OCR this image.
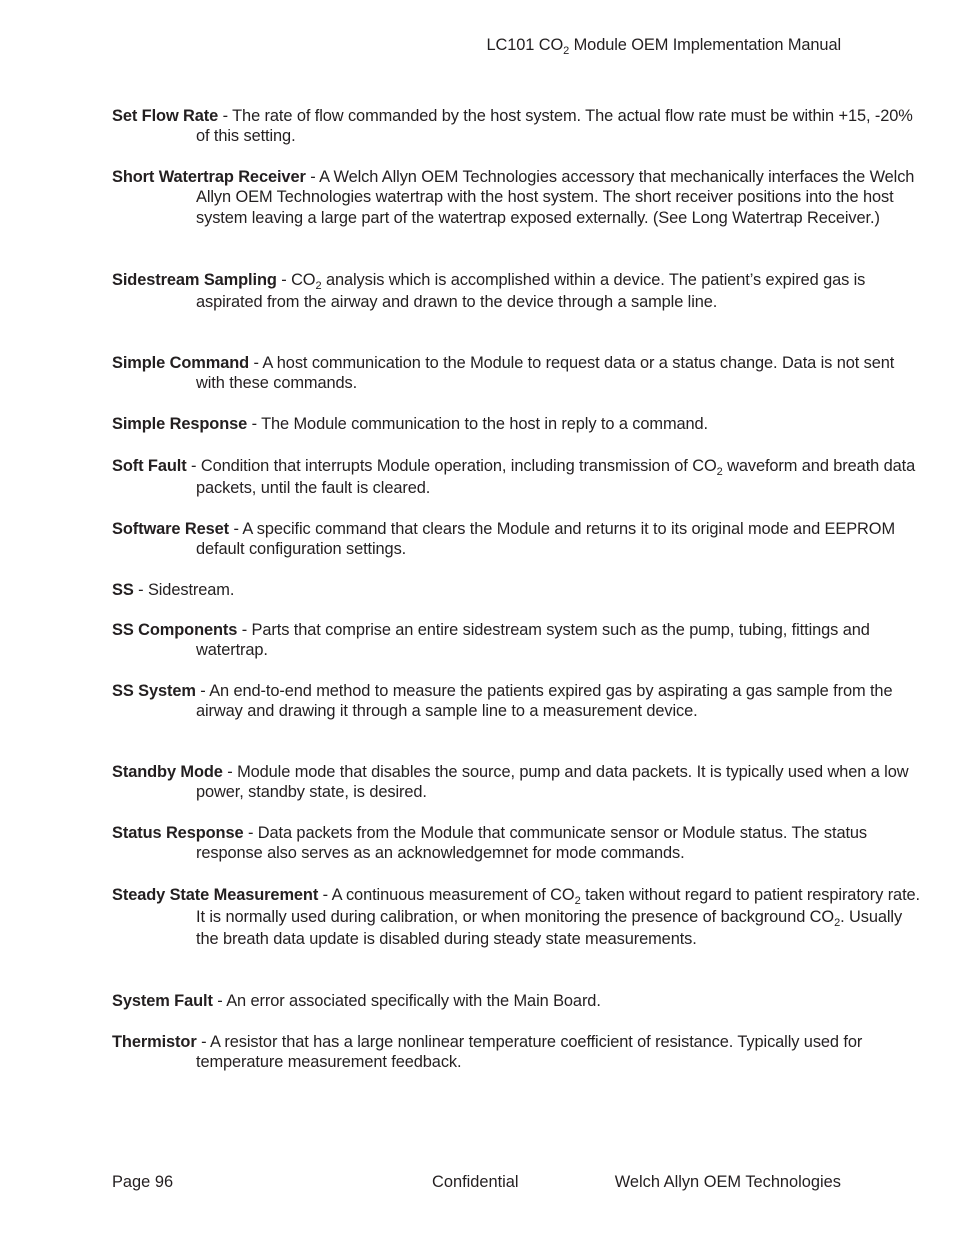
LC101 $CO_2$ Module OEM Implementation Manual
Set Flow Rate - The rate of flow commanded by the host system. The actual flow rate must be within +15, -20% of this setting.
Short Watertrap Receiver - A Welch Allyn OEM Technologies accessory that mechanically interfaces the Welch Allyn OEM Technologies watertrap with the host system. The short receiver positions into the host system leaving a large part of the watertrap exposed externally. (See Long Watertrap Receiver.)
Sidestream Sampling - $CO_2$ analysis which is accomplished within a device. The patient’s expired gas is aspirated from the airway and drawn to the device through a sample line.
Simple Command - A host communication to the Module to request data or a status change. Data is not sent with these commands.
Simple Response - The Module communication to the host in reply to a command.
Soft Fault - Condition that interrupts Module operation, including transmission of $CO_2$ waveform and breath data packets, until the fault is cleared.
Software Reset - A specific command that clears the Module and returns it to its original mode and EEPROM default configuration settings.
SS - Sidestream.
SS Components - Parts that comprise an entire sidestream system such as the pump, tubing, fittings and watertrap.
SS System - An end-to-end method to measure the patients expired gas by aspirating a gas sample from the airway and drawing it through a sample line to a measurement device.
Standby Mode - Module mode that disables the source, pump and data packets. It is typically used when a low power, standby state, is desired.
Status Response - Data packets from the Module that communicate sensor or Module status. The status response also serves as an acknowledgemnet for mode commands.
Steady State Measurement - A continuous measurement of $CO_2$ taken without regard to patient respiratory rate. It is normally used during calibration, or when monitoring the presence of background $CO_2$. Usually the breath data update is disabled during steady state measurements.
System Fault - An error associated specifically with the Main Board.
Thermistor - A resistor that has a large nonlinear temperature coefficient of resistance. Typically used for temperature measurement feedback.
Page 96	Confidential	Welch Allyn OEM Technologies
